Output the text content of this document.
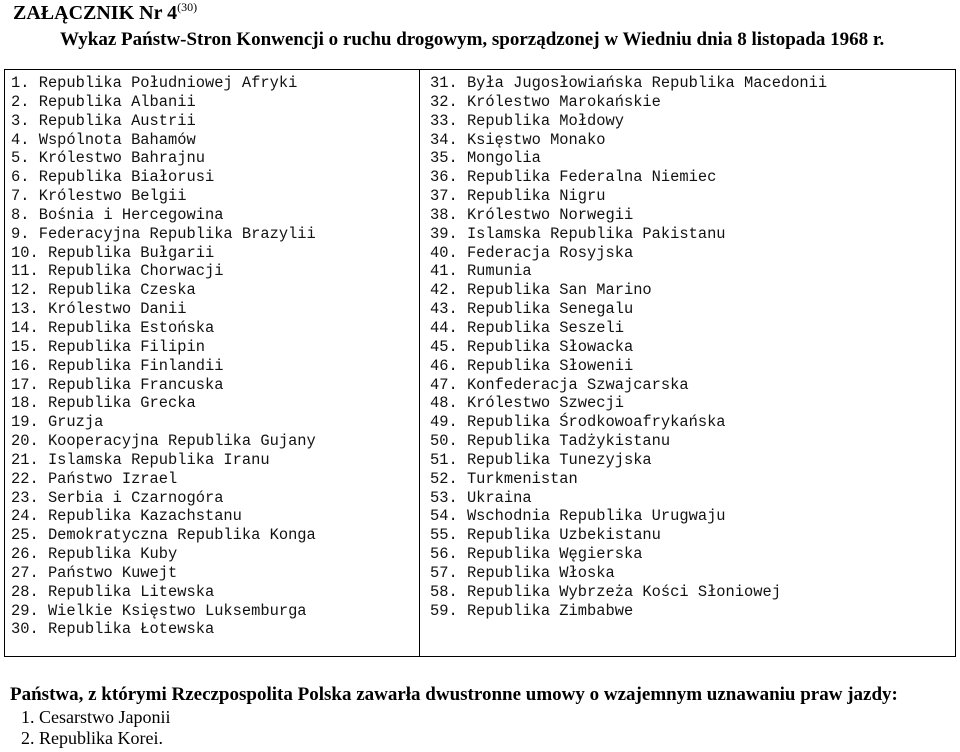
ZAŁĄCZNIK Nr 4$^{(30)}$
Wykaz Państw-Stron Konwencji o ruchu drogowym, sporządzonej w Wiedniu dnia 8 listopada 1968 r.
1. Republika Południowej Afryki
2. Republika Albanii
3. Republika Austrii
4. Wspólnota Bahamów
5. Królestwo Bahrajnu
6. Republika Białorusi
7. Królestwo Belgii
8. Bośnia i Hercegowina
9. Federacyjna Republika Brazylii
10. Republika Bułgarii
11. Republika Chorwacji
12. Republika Czeska
13. Królestwo Danii
14. Republika Estońska
15. Republika Filipin
16. Republika Finlandii
17. Republika Francuska
18. Republika Grecka
19. Gruzja
20. Kooperacyjna Republika Gujany
21. Islamska Republika Iranu
22. Państwo Izrael
23. Serbia i Czarnogóra
24. Republika Kazachstanu
25. Demokratyczna Republika Konga
26. Republika Kuby
27. Państwo Kuwejt
28. Republika Litewska
29. Wielkie Księstwo Luksemburga
30. Republika Łotewska
31. Była Jugosłowiańska Republika Macedonii
32. Królestwo Marokańskie
33. Republika Mołdowy
34. Księstwo Monako
35. Mongolia
36. Republika Federalna Niemiec
37. Republika Nigru
38. Królestwo Norwegii
39. Islamska Republika Pakistanu
40. Federacja Rosyjska
41. Rumunia
42. Republika San Marino
43. Republika Senegalu
44. Republika Seszeli
45. Republika Słowacka
46. Republika Słowenii
47. Konfederacja Szwajcarska
48. Królestwo Szwecji
49. Republika Środkowoafrykańska
50. Republika Tadżykistanu
51. Republika Tunezyjska
52. Turkmenistan
53. Ukraina
54. Wschodnia Republika Urugwaju
55. Republika Uzbekistanu
56. Republika Węgierska
57. Republika Włoska
58. Republika Wybrzeża Kości Słoniowej
59. Republika Zimbabwe
Państwa, z którymi Rzeczpospolita Polska zawarła dwustronne umowy o wzajemnym uznawaniu praw jazdy:
1. Cesarstwo Japonii
2. Republika Korei.
